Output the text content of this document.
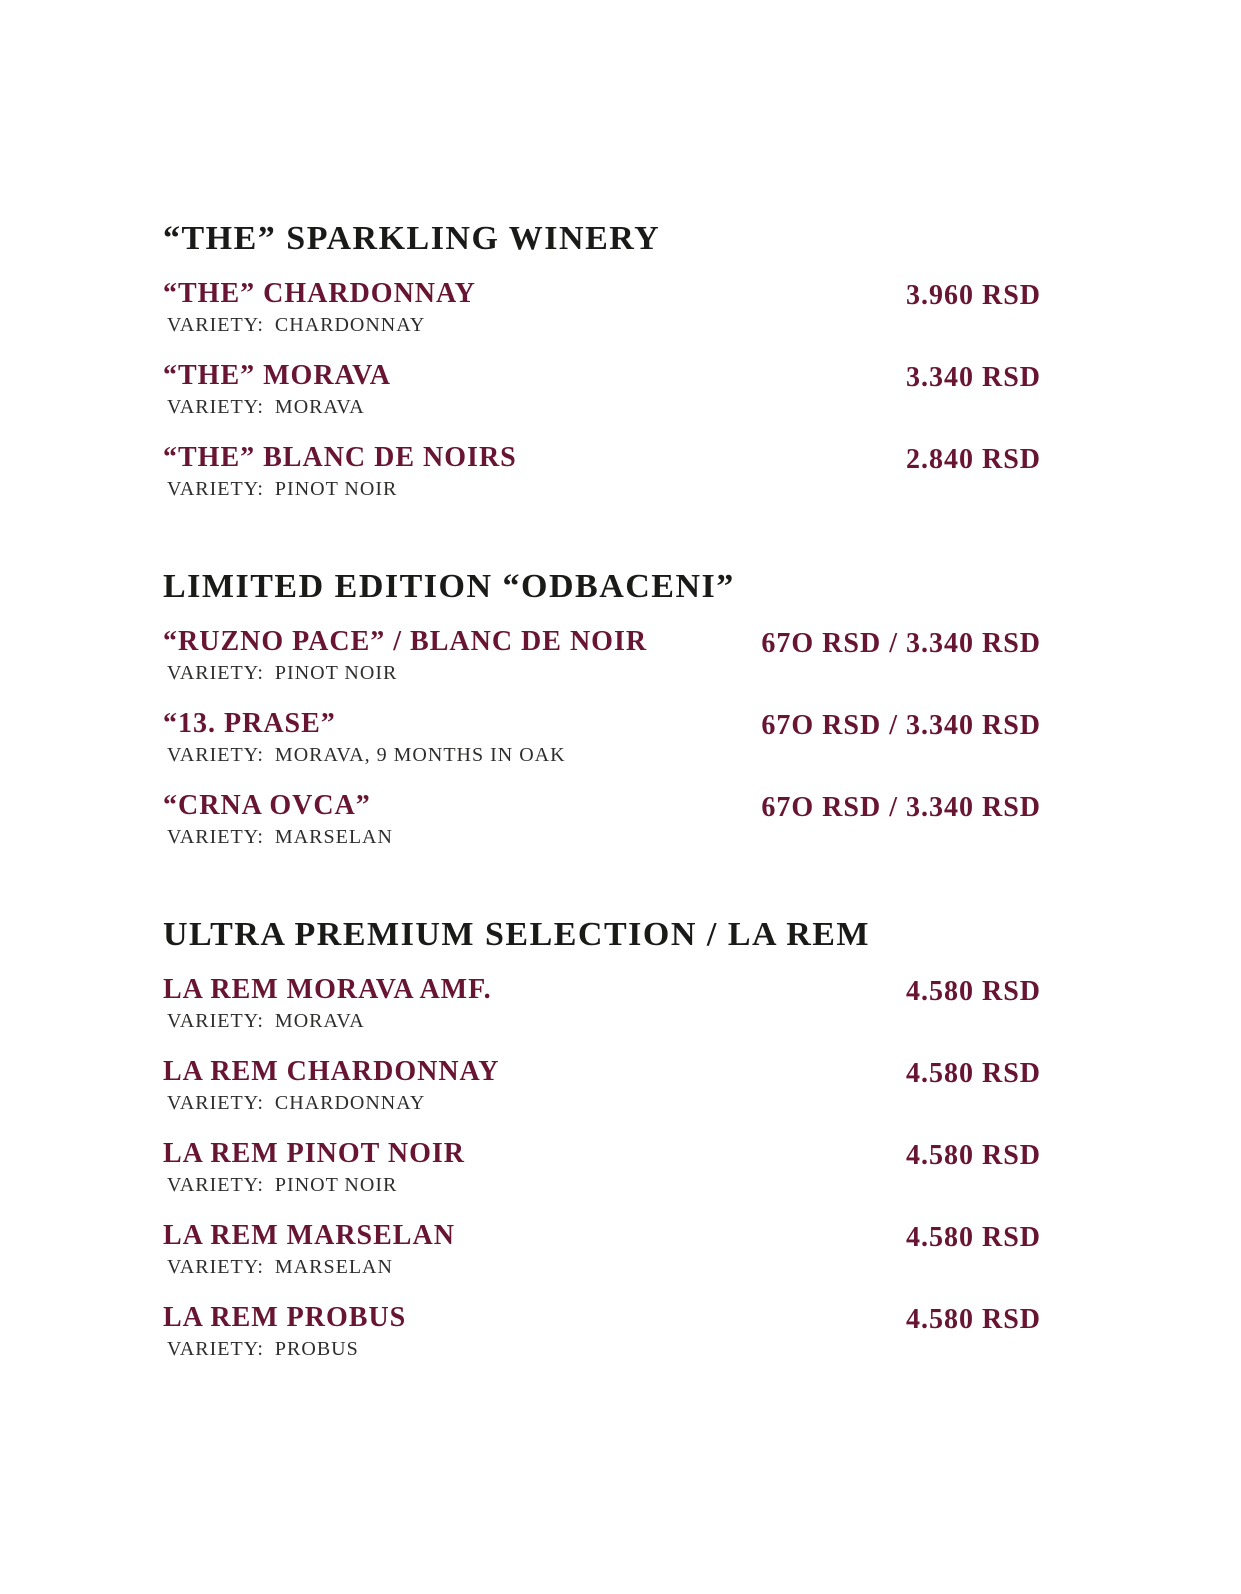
“THE” SPARKLING WINERY
“THE” CHARDONNAY
VARIETY: CHARDONNAY
3.960 RSD
“THE” MORAVA
VARIETY: MORAVA
3.340 RSD
“THE” BLANC DE NOIRS
VARIETY: PINOT NOIR
2.840 RSD
LIMITED EDITION “ODBACENI”
“RUZNO PACE” / BLANC DE NOIR
VARIETY: PINOT NOIR
67O RSD / 3.340 RSD
“13. PRASE”
VARIETY: MORAVA, 9 MONTHS IN OAK
67O RSD / 3.340 RSD
“CRNA OVCA”
VARIETY: MARSELAN
67O RSD / 3.340 RSD
ULTRA PREMIUM SELECTION / LA REM
LA REM MORAVA AMF.
VARIETY: MORAVA
4.580 RSD
LA REM CHARDONNAY
VARIETY: CHARDONNAY
4.580 RSD
LA REM PINOT NOIR
VARIETY: PINOT NOIR
4.580 RSD
LA REM MARSELAN
VARIETY: MARSELAN
4.580 RSD
LA REM PROBUS
VARIETY: PROBUS
4.580 RSD
